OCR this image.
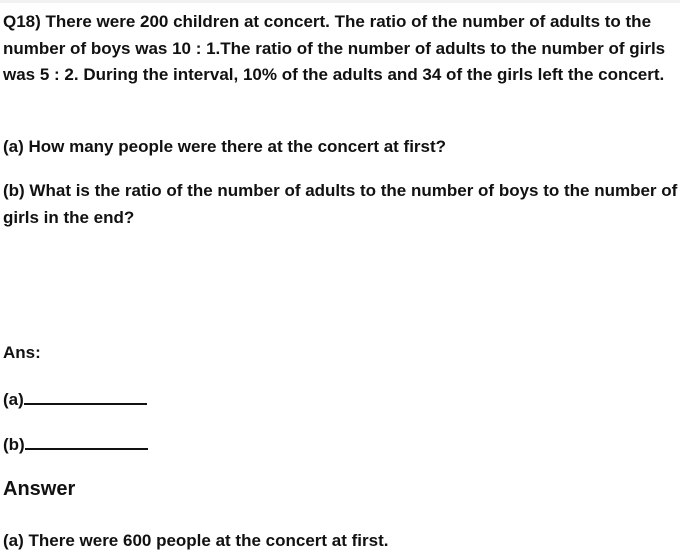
Q18) There were 200 children at concert. The ratio of the number of adults to the number of boys was 10 : 1.The ratio of the number of adults to the number of girls was 5 : 2. During the interval, 10% of the adults and 34 of the girls left the concert.

(a) How many people were there at the concert at first?

(b) What is the ratio of the number of adults to the number of boys to the number of girls in the end?

Ans:

(a)

(b)

Answer

(a) There were 600 people at the concert at first.
